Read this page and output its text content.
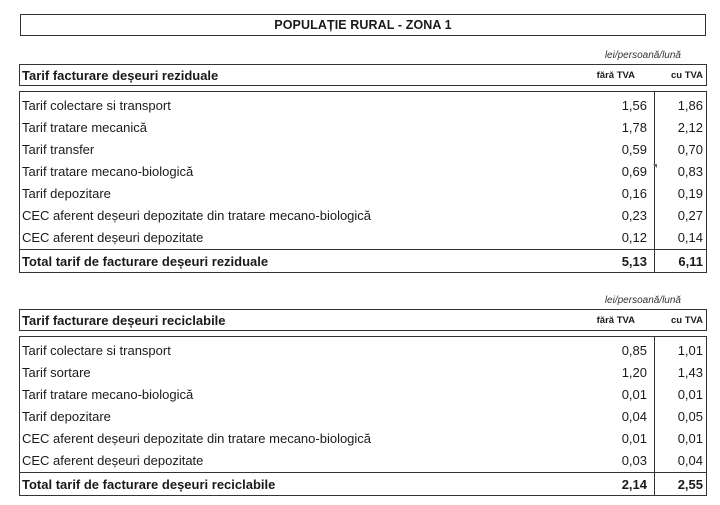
POPULAȚIE RURAL - ZONA 1
lei/persoană/lună
Tarif facturare deșeuri reziduale	fără TVA	cu TVA
Tarif colectare si transport	1,56 1,86
Tarif tratare mecanică	1,78 2,12
Tarif transfer	0,59 0,70
Tarif tratare mecano-biologică	0,69 0,83
Tarif depozitare	0,16 0,19
CEC aferent deșeuri depozitate din tratare mecano-biologică	0,23 0,27
CEC aferent deșeuri depozitate	0,12 0,14
Total tarif de facturare deșeuri reziduale	5,13 6,11
lei/persoană/lună
Tarif facturare deșeuri reciclabile	fără TVA	cu TVA
Tarif colectare si transport	0,85 1,01
Tarif sortare	1,20 1,43
Tarif tratare mecano-biologică	0,01 0,01
Tarif depozitare	0,04 0,05
CEC aferent deșeuri depozitate din tratare mecano-biologică	0,01 0,01
CEC aferent deșeuri depozitate	0,03 0,04
Total tarif de facturare deșeuri reciclabile	2,14 2,55
